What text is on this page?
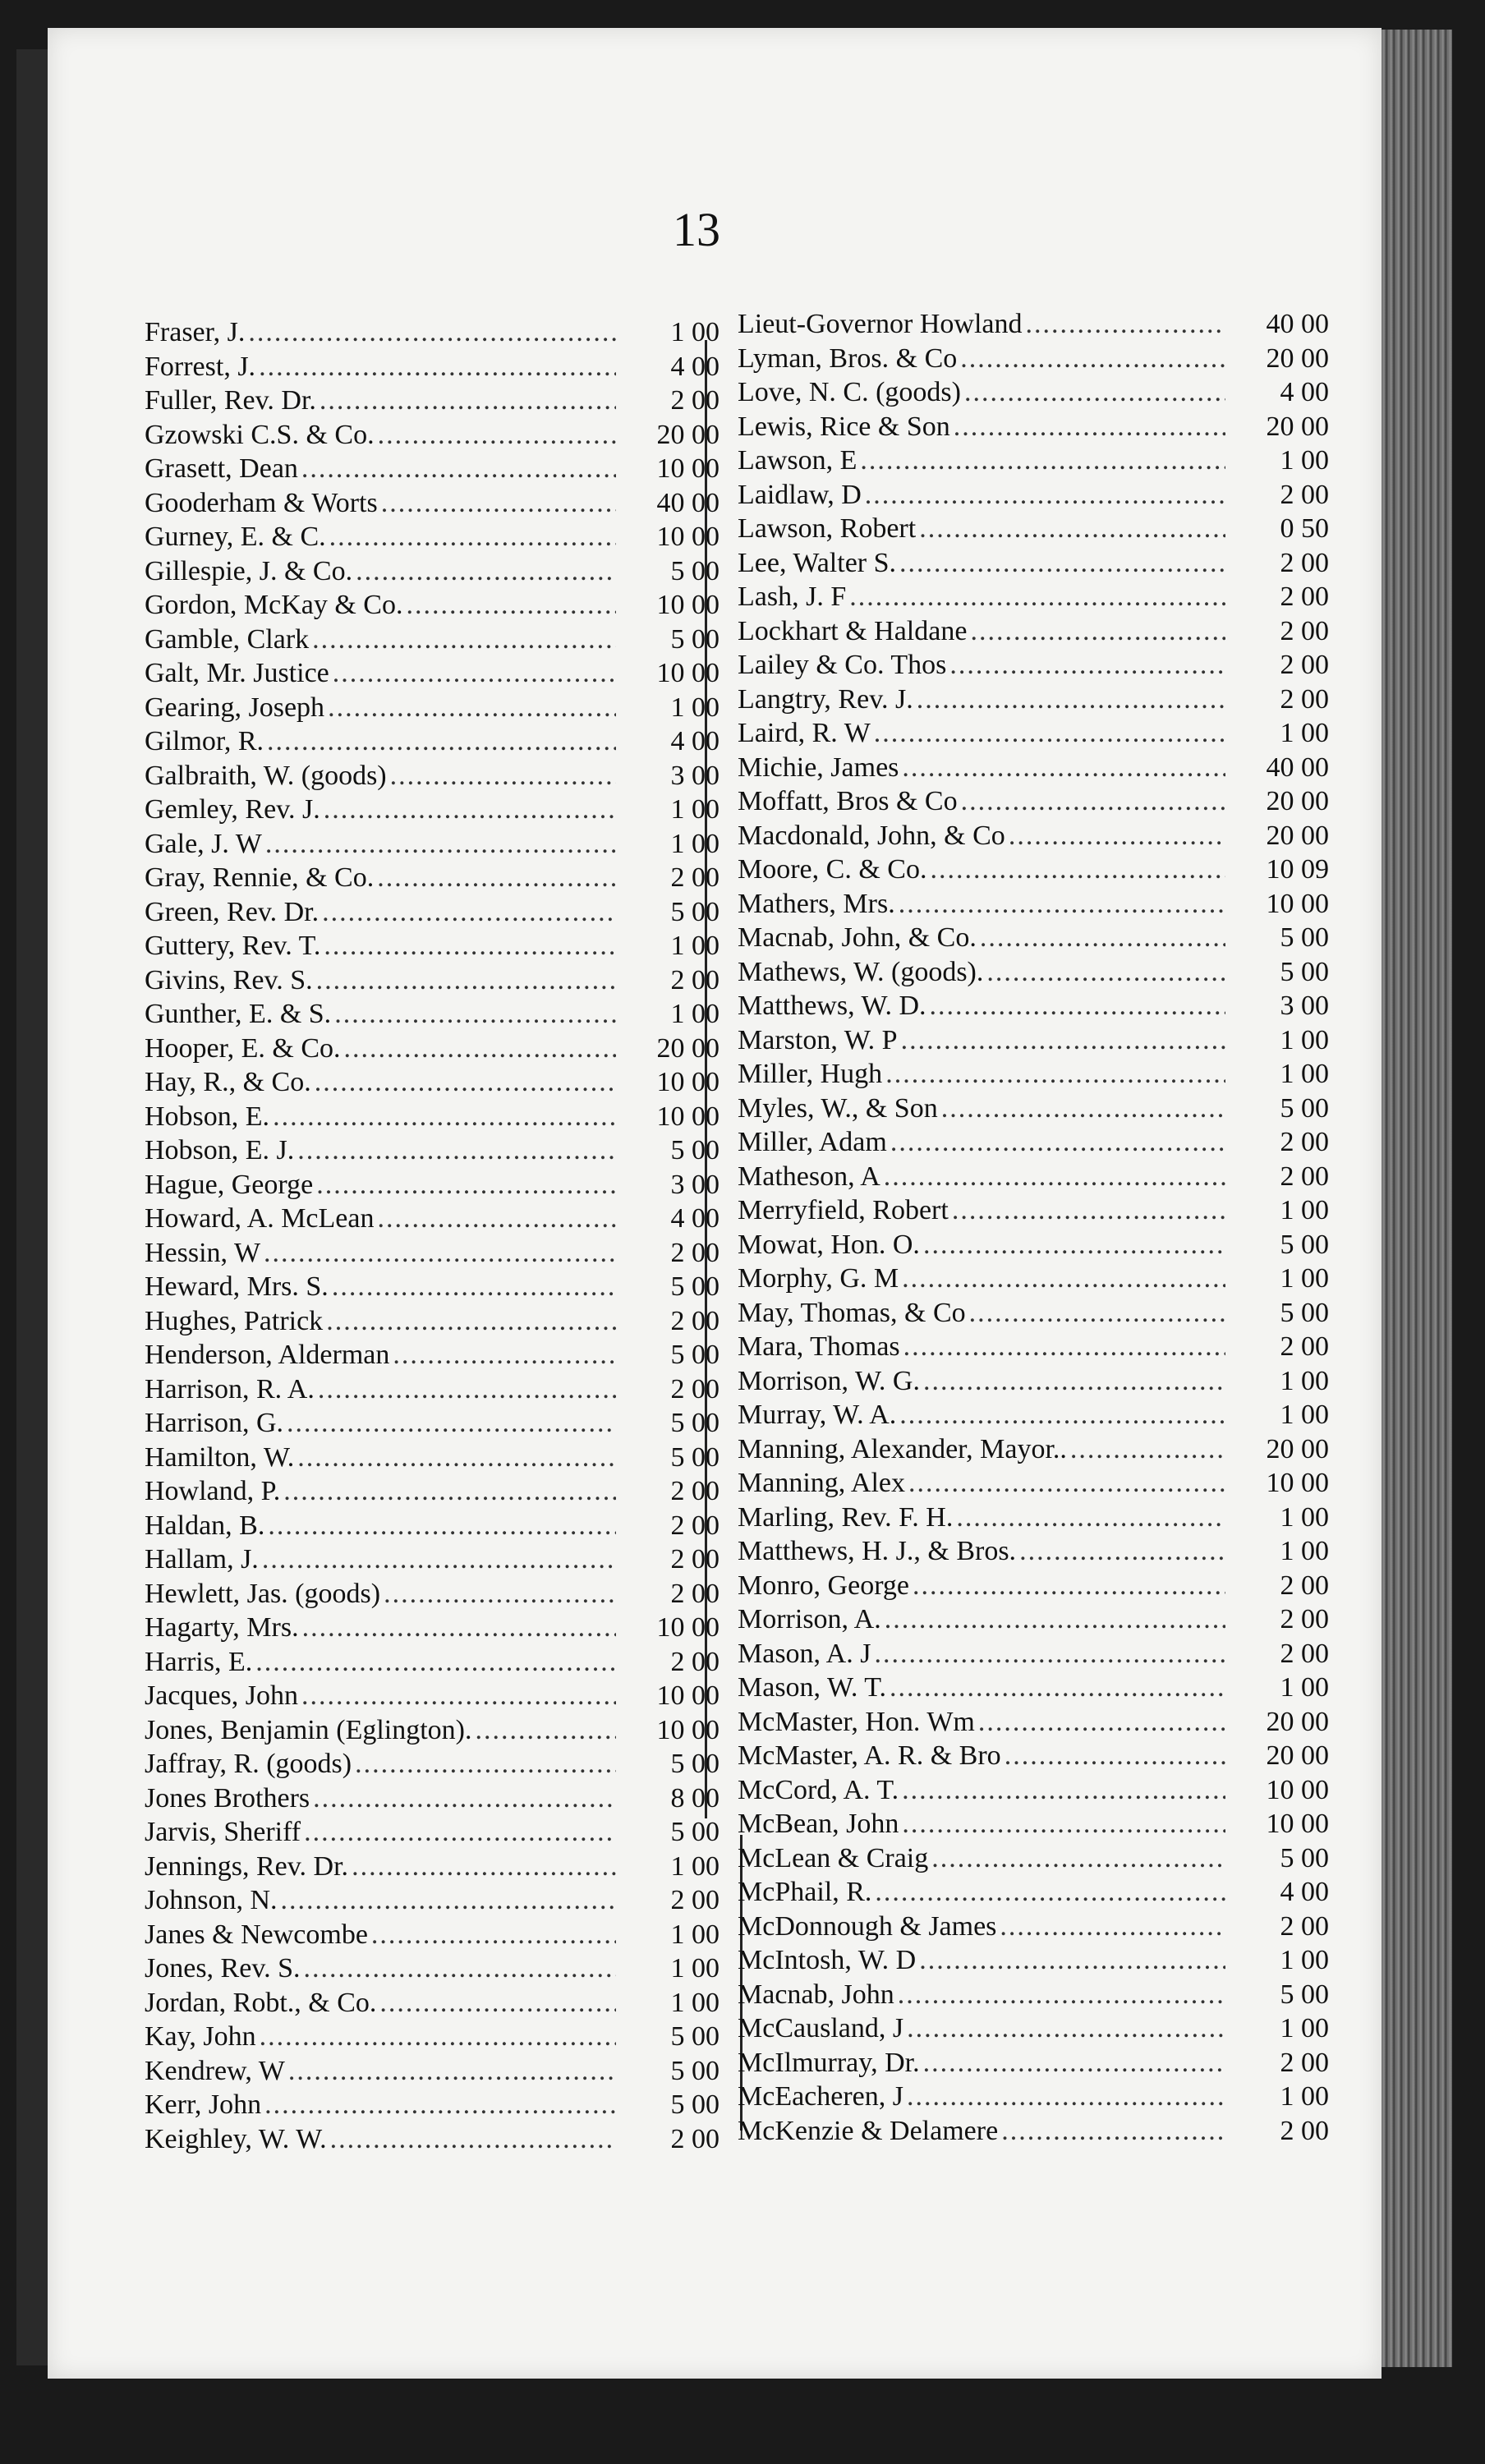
13
Fraser, J. .....	1 00
Forrest, J. .....	4 00
Fuller, Rev. Dr. .....	2 00
Gzowski C.S. & Co. .....	20 00
Grasett, Dean .....	10 00
Gooderham & Worts .....	40 00
Gurney, E. & C. .....	10 00
Gillespie, J. & Co. .....	5 00
Gordon, McKay & Co. .....	10 00
Gamble, Clark .....	5 00
Galt, Mr. Justice .....	10 00
Gearing, Joseph .....	1 00
Gilmor, R. .....	4 00
Galbraith, W. (goods) .....	3 00
Gemley, Rev. J. .....	1 00
Gale, J. W .....	1 00
Gray, Rennie, & Co. .....	2 00
Green, Rev. Dr. .....	5 00
Guttery, Rev. T. .....	1 00
Givins, Rev. S. .....	2 00
Gunther, E. & S. .....	1 00
Hooper, E. & Co. .....	20 00
Hay, R., & Co. .....	10 00
Hobson, E. .....	10 00
Hobson, E. J. .....	5 00
Hague, George .....	3 00
Howard, A. McLean .....	4 00
Hessin, W .....	2 00
Heward, Mrs. S. .....	5 00
Hughes, Patrick .....	2 00
Henderson, Alderman .....	5 00
Harrison, R. A. .....	2 00
Harrison, G. .....	5 00
Hamilton, W. .....	5 00
Howland, P. .....	2 00
Haldan, B. .....	2 00
Hallam, J. .....	2 00
Hewlett, Jas. (goods) .....	2 00
Hagarty, Mrs. .....	10 00
Harris, E. .....	2 00
Jacques, John .....	10 00
Jones, Benjamin (Eglington). .....	10 00
Jaffray, R. (goods) .....	5 00
Jones Brothers .....	8 00
Jarvis, Sheriff .....	5 00
Jennings, Rev. Dr. .....	1 00
Johnson, N. .....	2 00
Janes & Newcombe .....	1 00
Jones, Rev. S. .....	1 00
Jordan, Robt., & Co. .....	1 00
Kay, John .....	5 00
Kendrew, W .....	5 00
Kerr, John .....	5 00
Keighley, W. W. .....	2 00
Lieut-Governor Howland .....	40 00
Lyman, Bros. & Co .....	20 00
Love, N. C. (goods) .....	4 00
Lewis, Rice & Son .....	20 00
Lawson, E .....	1 00
Laidlaw, D .....	2 00
Lawson, Robert .....	0 50
Lee, Walter S. .....	2 00
Lash, J. F .....	2 00
Lockhart & Haldane .....	2 00
Lailey & Co. Thos .....	2 00
Langtry, Rev. J. .....	2 00
Laird, R. W .....	1 00
Michie, James .....	40 00
Moffatt, Bros & Co .....	20 00
Macdonald, John, & Co .....	20 00
Moore, C. & Co. .....	10 09
Mathers, Mrs. .....	10 00
Macnab, John, & Co. .....	5 00
Mathews, W. (goods). .....	5 00
Matthews, W. D. .....	3 00
Marston, W. P .....	1 00
Miller, Hugh .....	1 00
Myles, W., & Son .....	5 00
Miller, Adam .....	2 00
Matheson, A .....	2 00
Merryfield, Robert .....	1 00
Mowat, Hon. O. .....	5 00
Morphy, G. M .....	1 00
May, Thomas, & Co .....	5 00
Mara, Thomas .....	2 00
Morrison, W. G. .....	1 00
Murray, W. A. .....	1 00
Manning, Alexander, Mayor.. .....	20 00
Manning, Alex .....	10 00
Marling, Rev. F. H. .....	1 00
Matthews, H. J., & Bros. .....	1 00
Monro, George .....	2 00
Morrison, A. .....	2 00
Mason, A. J .....	2 00
Mason, W. T. .....	1 00
McMaster, Hon. Wm .....	20 00
McMaster, A. R. & Bro .....	20 00
McCord, A. T. .....	10 00
McBean, John .....	10 00
McLean & Craig .....	5 00
McPhail, R. .....	4 00
McDonnough & James .....	2 00
McIntosh, W. D .....	1 00
Macnab, John .....	5 00
McCausland, J .....	1 00
McIlmurray, Dr. .....	2 00
McEacheren, J .....	1 00
McKenzie & Delamere .....	2 00
